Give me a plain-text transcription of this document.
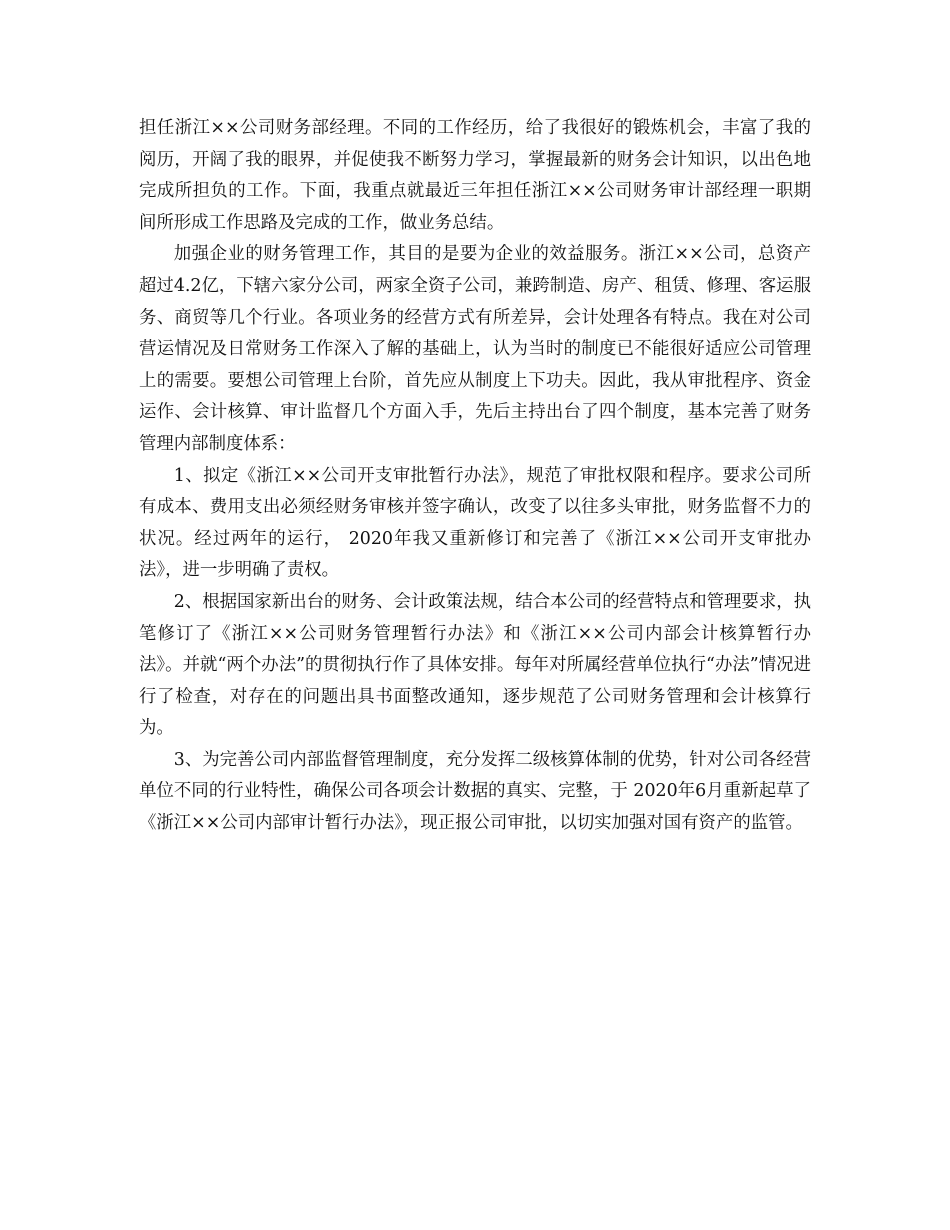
担任浙江××公司财务部经理。不同的工作经历，给了我很好的锻炼机会，丰富了我的阅历，开阔了我的眼界，并促使我不断努力学习，掌握最新的财务会计知识，以出色地完成所担负的工作。下面，我重点就最近三年担任浙江××公司财务审计部经理一职期间所形成工作思路及完成的工作，做业务总结。

加强企业的财务管理工作，其目的是要为企业的效益服务。浙江××公司，总资产超过4.2亿，下辖六家分公司，两家全资子公司，兼跨制造、房产、租赁、修理、客运服务、商贸等几个行业。各项业务的经营方式有所差异，会计处理各有特点。我在对公司营运情况及日常财务工作深入了解的基础上，认为当时的制度已不能很好适应公司管理上的需要。要想公司管理上台阶，首先应从制度上下功夫。因此，我从审批程序、资金运作、会计核算、审计监督几个方面入手，先后主持出台了四个制度，基本完善了财务管理内部制度体系：

1、拟定《浙江××公司开支审批暂行办法》，规范了审批权限和程序。要求公司所有成本、费用支出必须经财务审核并签字确认，改变了以往多头审批，财务监督不力的状况。经过两年的运行， 2020年我又重新修订和完善了《浙江××公司开支审批办法》，进一步明确了责权。

2、根据国家新出台的财务、会计政策法规，结合本公司的经营特点和管理要求，执笔修订了《浙江××公司财务管理暂行办法》和《浙江××公司内部会计核算暂行办法》。并就“两个办法”的贯彻执行作了具体安排。每年对所属经营单位执行“办法”情况进行了检查，对存在的问题出具书面整改通知，逐步规范了公司财务管理和会计核算行为。

3、为完善公司内部监督管理制度，充分发挥二级核算体制的优势，针对公司各经营单位不同的行业特性，确保公司各项会计数据的真实、完整，于 2020年6月重新起草了《浙江××公司内部审计暂行办法》，现正报公司审批，以切实加强对国有资产的监管。
